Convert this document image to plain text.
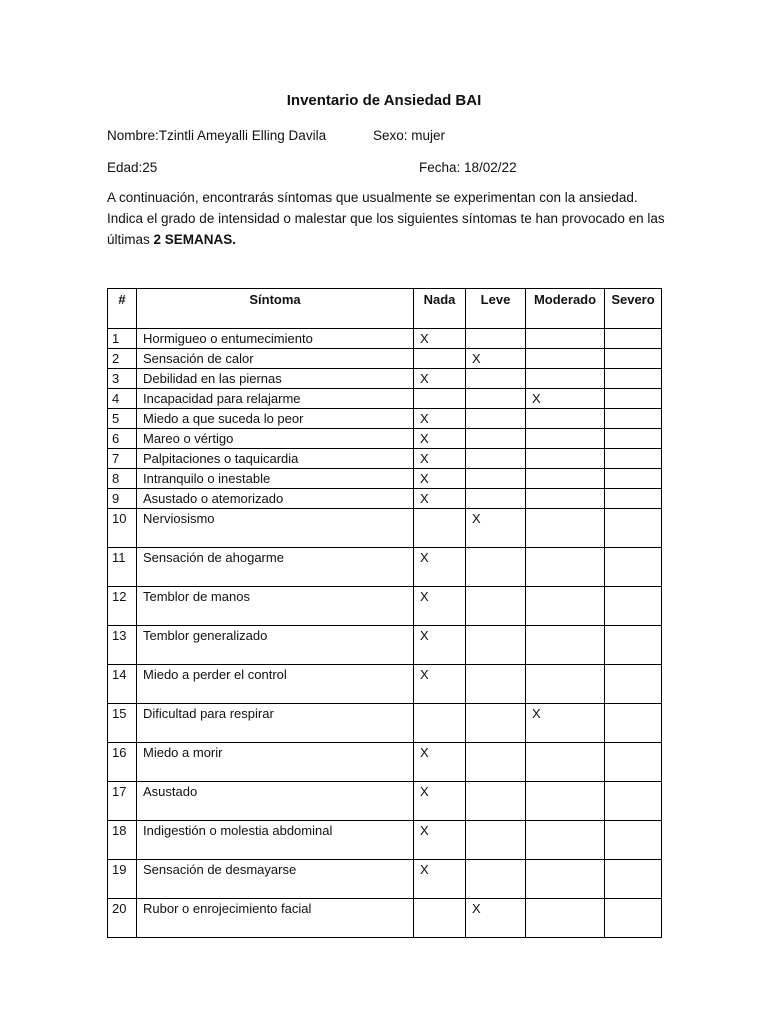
Inventario de Ansiedad BAI
Nombre:Tzintli Ameyalli Elling Davila	Sexo: mujer
Edad:25	Fecha: 18/02/22
A continuación, encontrarás síntomas que usualmente se experimentan con la ansiedad. Indica el grado de intensidad o malestar que los siguientes síntomas te han provocado en las últimas 2 SEMANAS.
#	Síntoma	Nada	Leve	Moderado	Severo
1	Hormigueo o entumecimiento	X			
2	Sensación de calor		X		
3	Debilidad en las piernas	X			
4	Incapacidad para relajarme			X	
5	Miedo a que suceda lo peor	X			
6	Mareo o vértigo	X			
7	Palpitaciones o taquicardia	X			
8	Intranquilo o inestable	X			
9	Asustado o atemorizado	X			
10	Nerviosismo		X		
11	Sensación de ahogarme	X			
12	Temblor de manos	X			
13	Temblor generalizado	X			
14	Miedo a perder el control	X			
15	Dificultad para respirar			X	
16	Miedo a morir	X			
17	Asustado	X			
18	Indigestión o molestia abdominal	X			
19	Sensación de desmayarse	X			
20	Rubor o enrojecimiento facial		X		
